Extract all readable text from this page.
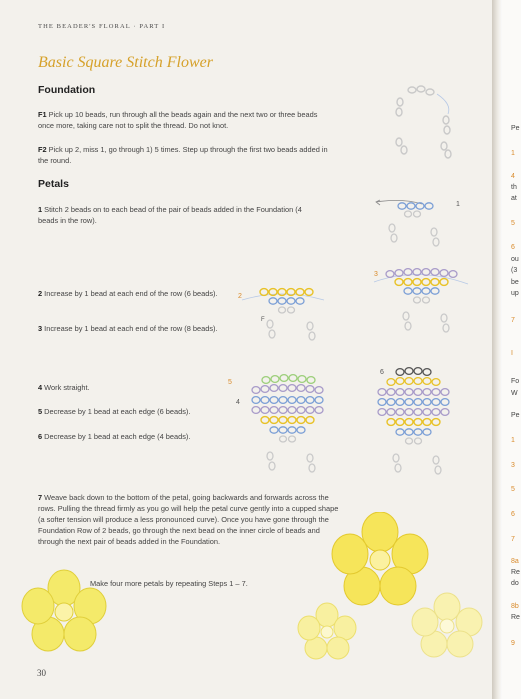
THE BEADER'S FLORAL · PART I
Basic Square Stitch Flower
Foundation

F1 Pick up 10 beads, run through all the beads again and the next two or three beads once more, taking care not to split the thread. Do not knot.

F2 Pick up 2, miss 1, go through 1) 5 times. Step up through the first two beads added in the round.

Petals

1 Stitch 2 beads on to each bead of the pair of beads added in the Foundation (4 beads in the row).

2 Increase by 1 bead at each end of the row (6 beads).

3 Increase by 1 bead at each end of the row (8 beads).

4 Work straight.

5 Decrease by 1 bead at each edge (6 beads).

6 Decrease by 1 bead at each edge (4 beads).

7 Weave back down to the bottom of the petal, going backwards and forwards across the rows. Pulling the thread firmly as you go will help the petal curve gently into a cupped shape (a softer tension will produce a less pronounced curve). Once you have gone through the Foundation Row of 2 beads, go through the next bead on the inner circle of beads and through the next pair of beads added in the Foundation.

Make four more petals by repeating Steps 1 – 7.

1
2
F
3
4
5
6
30
Pe
1
4
th
at
5
6
ou
(3
be
up
7
I
Fo
W
Pe
1
3
5
6
7
8a
Re
do
8b
Re
9
